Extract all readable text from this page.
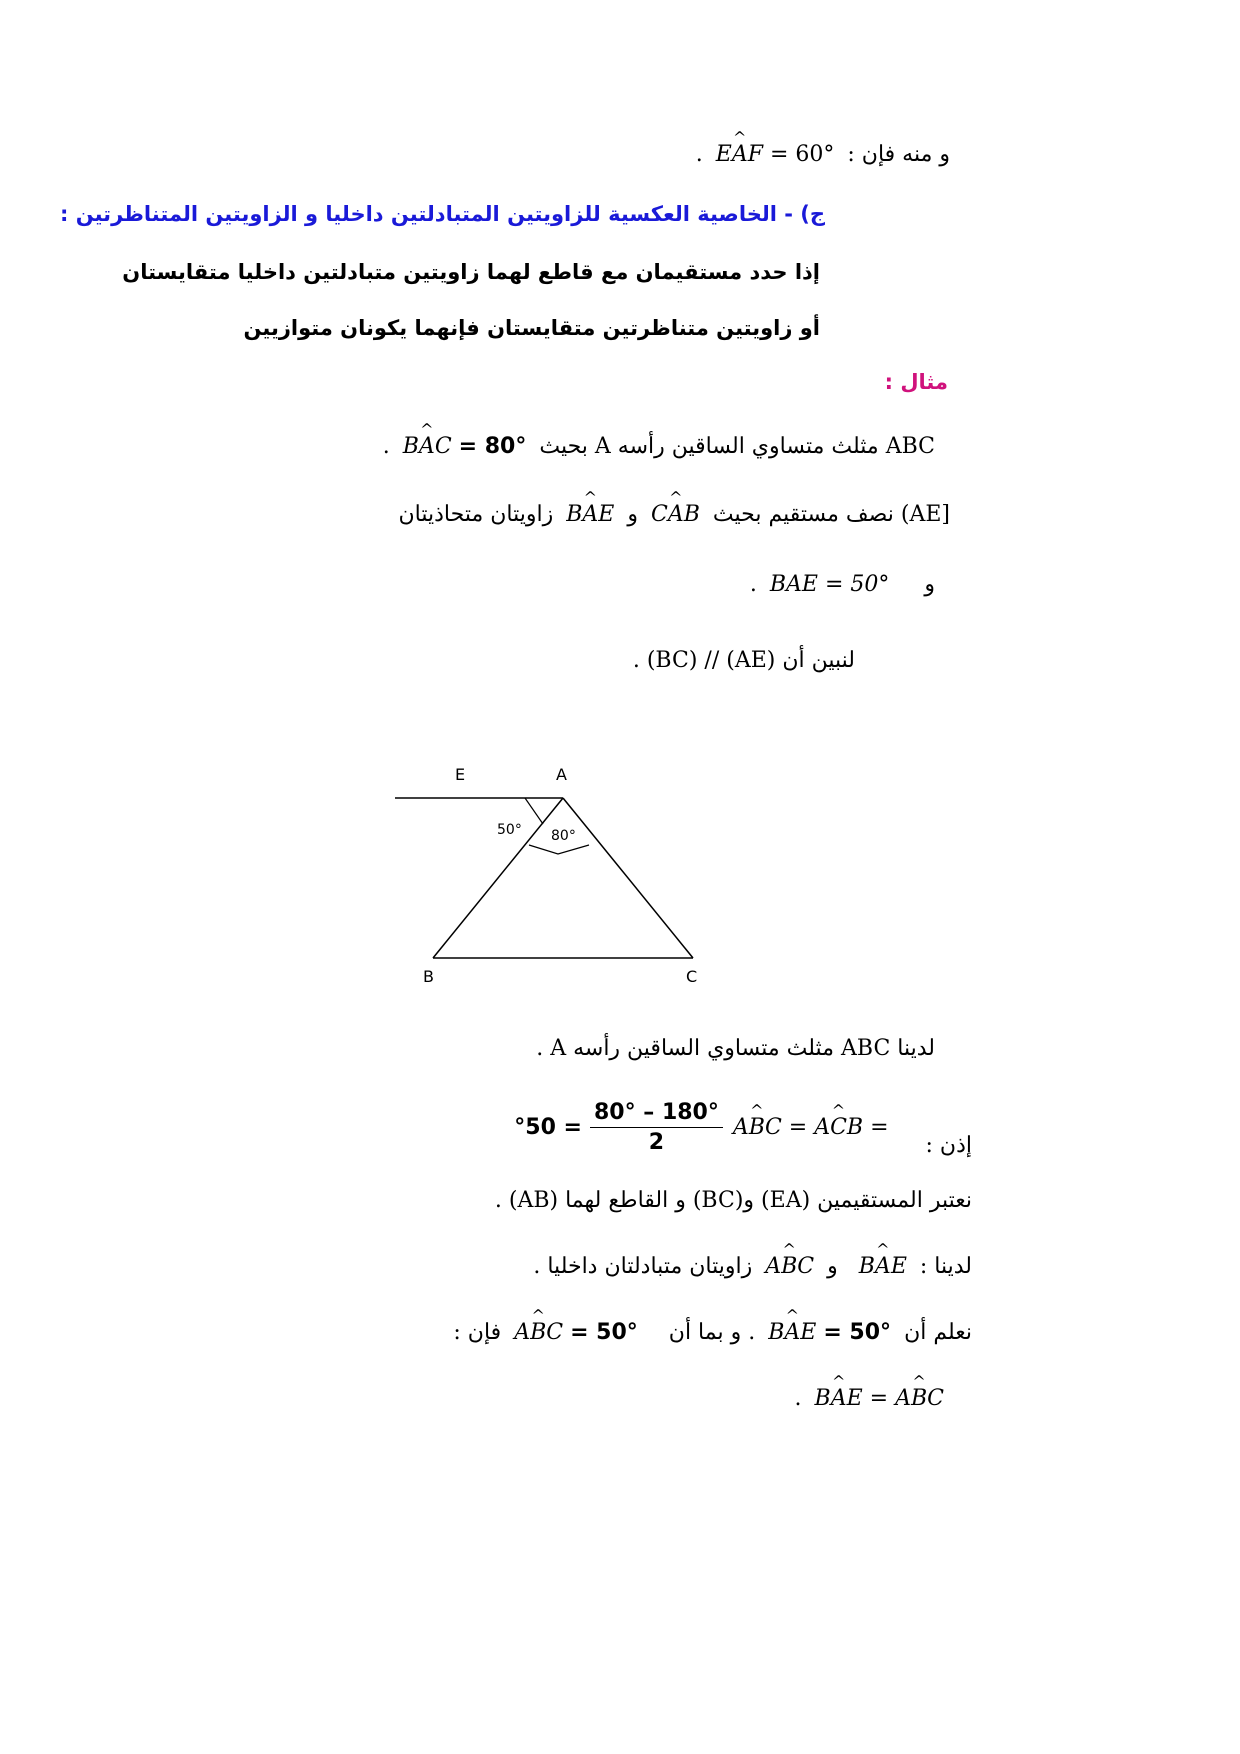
و منه فإن : E^ AF = 60° .
ج) - الخاصية العكسية للزاويتين المتبادلتين داخليا و الزاويتين المتناظرتين :
إذا حدد مستقيمان مع قاطع لهما زاويتين متبادلتين داخليا متقايستان
أو زاويتين متناظرتين متقايستان فإنهما يكونان متوازيين
مثال :
ABC مثلث متساوي الساقين رأسه A بحيث B^ AC = 80° .
[AE) نصف مستقيم بحيث C^ AB و B^ AE زاويتان متحاذيتان
و BAE = 50° .
لنبين أن (AE) // (BC) .
E	A
50° 80°
B	C
لدينا ABC مثلث متساوي الساقين رأسه A .
إذن : A^ BC = A^ CB =
$\frac{180^\circ - 80^\circ}{2}$
= 50°
نعتبر المستقيمين (EA) و(BC) و القاطع لهما (AB) .
لدينا : B^ AE و A^ BC زاويتان متبادلتان داخليا .
نعلم أن B^ AE = 50° . و بما أن A^ BC = 50° فإن :
B^ AE = A^ BC .
